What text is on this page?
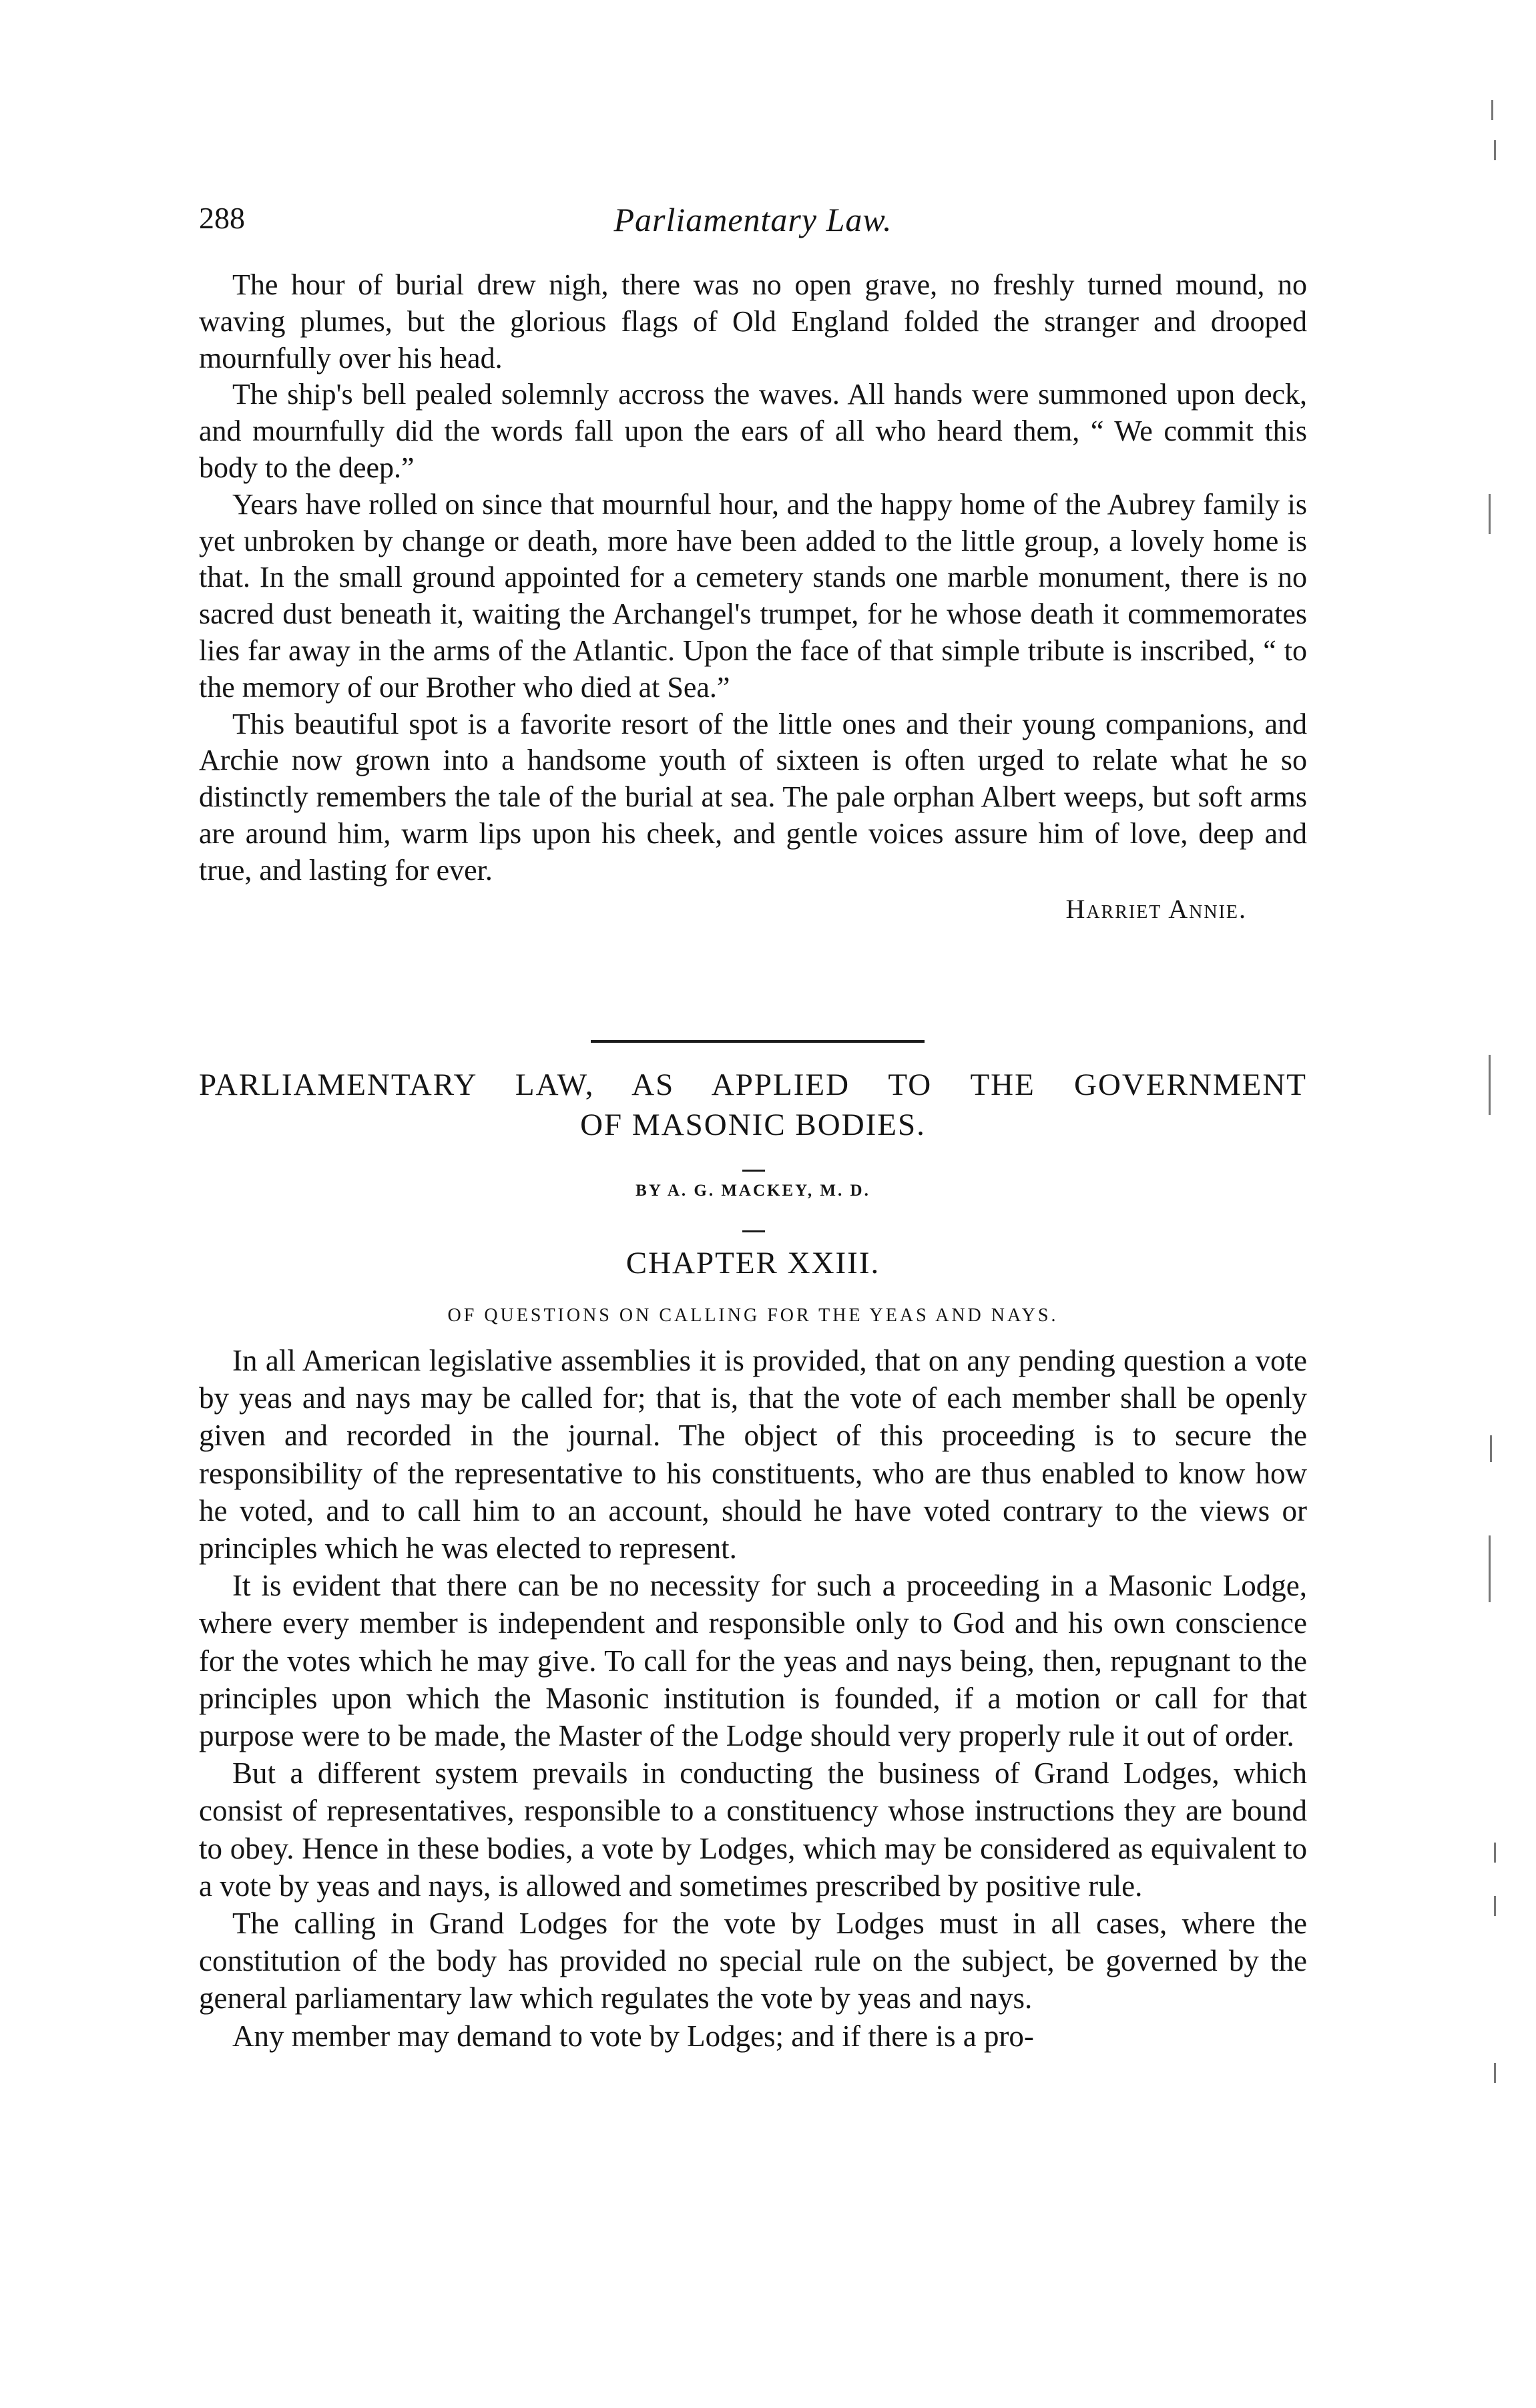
288	Parliamentary Law.

The hour of burial drew nigh, there was no open grave, no freshly turned mound, no waving plumes, but the glorious flags of Old England folded the stranger and drooped mournfully over his head.

The ship's bell pealed solemnly accross the waves. All hands were summoned upon deck, and mournfully did the words fall upon the ears of all who heard them, “ We commit this body to the deep.”

Years have rolled on since that mournful hour, and the happy home of the Aubrey family is yet unbroken by change or death, more have been added to the little group, a lovely home is that. In the small ground appointed for a cemetery stands one marble monument, there is no sacred dust beneath it, waiting the Archangel's trumpet, for he whose death it commemorates lies far away in the arms of the Atlantic. Upon the face of that simple tribute is inscribed, “ to the memory of our Brother who died at Sea.”

This beautiful spot is a favorite resort of the little ones and their young companions, and Archie now grown into a handsome youth of sixteen is often urged to relate what he so distinctly remembers the tale of the burial at sea. The pale orphan Albert weeps, but soft arms are around him, warm lips upon his cheek, and gentle voices assure him of love, deep and true, and lasting for ever.

Harriet Annie.
PARLIAMENTARY LAW, AS APPLIED TO THE GOVERNMENT
OF MASONIC BODIES.
BY A. G. MACKEY, M. D.
CHAPTER XXIII.
OF QUESTIONS ON CALLING FOR THE YEAS AND NAYS.

In all American legislative assemblies it is provided, that on any pending question a vote by yeas and nays may be called for; that is, that the vote of each member shall be openly given and recorded in the journal. The object of this proceeding is to secure the responsibility of the representative to his constituents, who are thus enabled to know how he voted, and to call him to an account, should he have voted contrary to the views or principles which he was elected to represent.

It is evident that there can be no necessity for such a proceeding in a Masonic Lodge, where every member is independent and responsible only to God and his own conscience for the votes which he may give. To call for the yeas and nays being, then, repugnant to the principles upon which the Masonic institution is founded, if a motion or call for that purpose were to be made, the Master of the Lodge should very properly rule it out of order.

But a different system prevails in conducting the business of Grand Lodges, which consist of representatives, responsible to a constituency whose instructions they are bound to obey. Hence in these bodies, a vote by Lodges, which may be considered as equivalent to a vote by yeas and nays, is allowed and sometimes prescribed by positive rule.

The calling in Grand Lodges for the vote by Lodges must in all cases, where the constitution of the body has provided no special rule on the subject, be governed by the general parliamentary law which regulates the vote by yeas and nays.

Any member may demand to vote by Lodges; and if there is a pro-
